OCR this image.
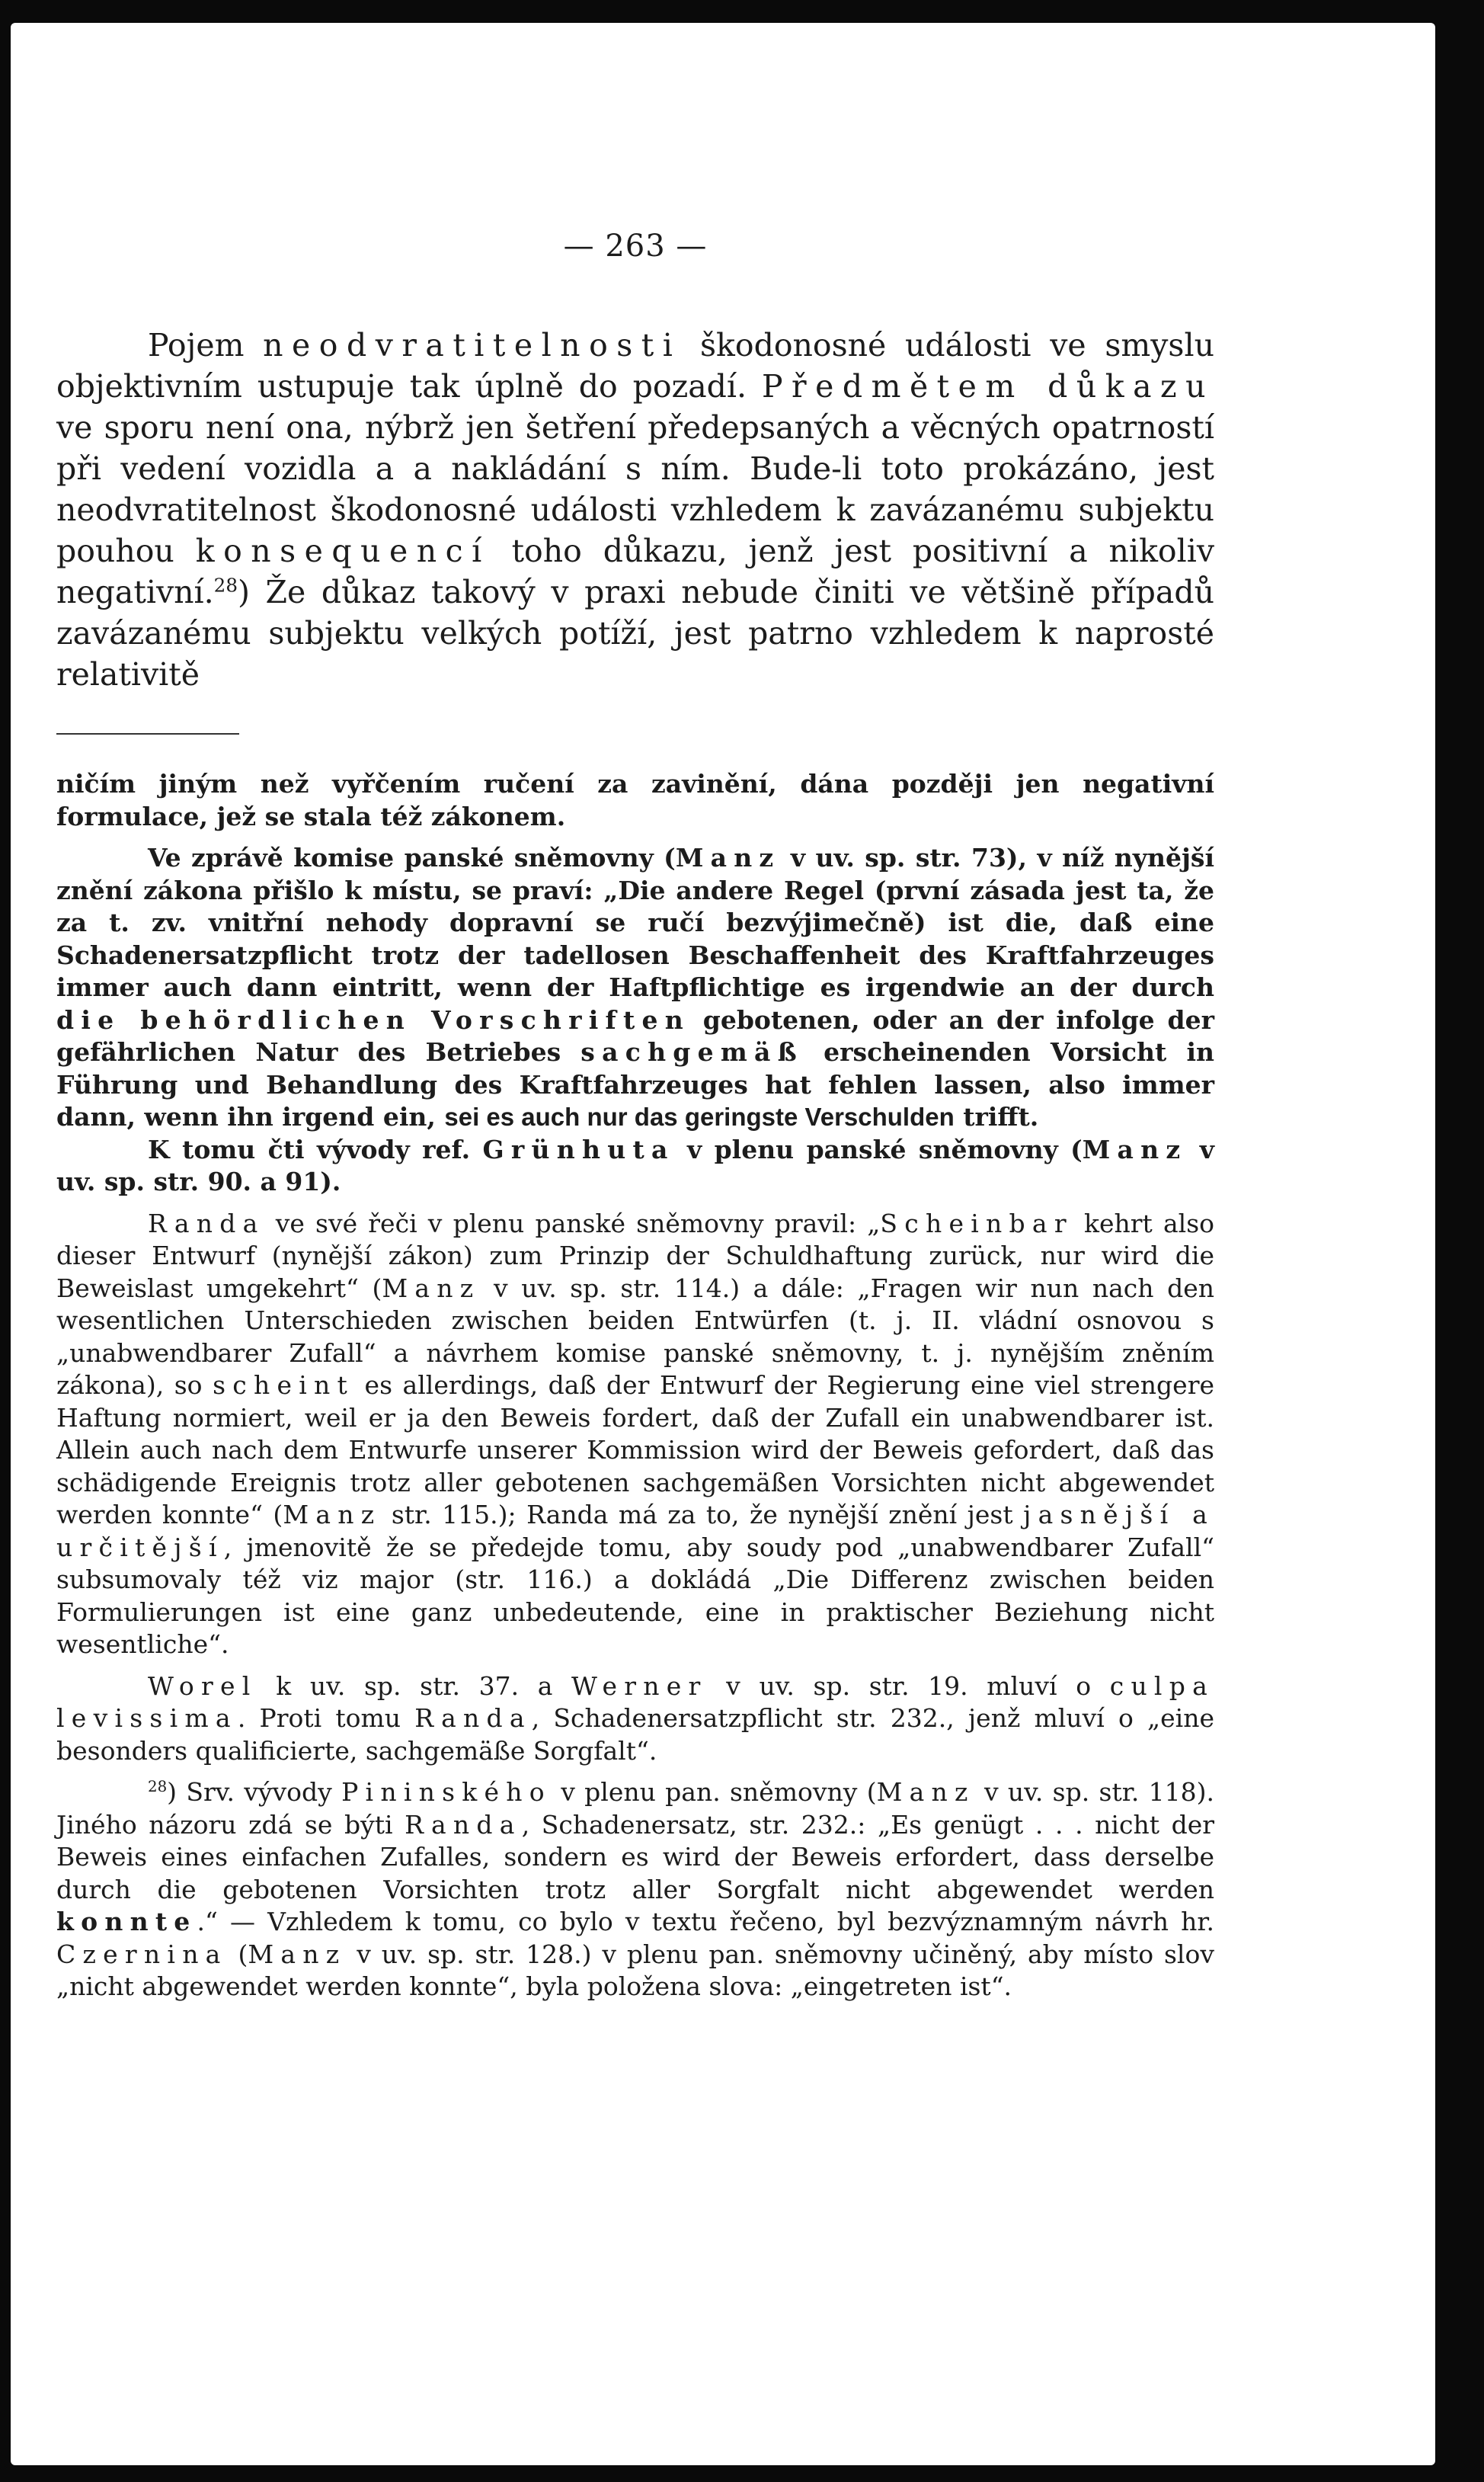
— 263 —

Pojem neodvratitelnosti škodonosné události ve smyslu objektivním ustupuje tak úplně do pozadí. Předmětem důkazu ve sporu není ona, nýbrž jen šetření předepsaných a věcných opatrností při vedení vozidla a a nakládání s ním. Bude-li toto prokázáno, jest neodvratitelnost škodonosné události vzhledem k zavázanému subjektu pouhou konsequencí toho důkazu, jenž jest positivní a nikoliv negativní.$^{28}$) Že důkaz takový v praxi nebude činiti ve většině případů zavázanému subjektu velkých potíží, jest patrno vzhledem k naprosté relativitě

ničím jiným než vyřčením ručení za zavinění, dána později jen negativní formulace, jež se stala též zákonem.

Ve zprávě komise panské sněmovny (Manz v uv. sp. str. 73), v níž nynější znění zákona přišlo k místu, se praví: „Die andere Regel (první zásada jest ta, že za t. zv. vnitřní nehody dopravní se ručí bezvýjimečně) ist die, daß eine Schadenersatzpflicht trotz der tadellosen Beschaffenheit des Kraftfahrzeuges immer auch dann eintritt, wenn der Haftpflichtige es irgendwie an der durch die behördlichen Vorschriften gebotenen, oder an der infolge der gefährlichen Natur des Betriebes sachgemäß erscheinenden Vorsicht in Führung und Behandlung des Kraftfahrzeuges hat fehlen lassen, also immer dann, wenn ihn irgend ein, sei es auch nur das geringste Verschulden trifft.

K tomu čti vývody ref. Grünhuta v plenu panské sněmovny (Manz v uv. sp. str. 90. a 91).

Randa ve své řeči v plenu panské sněmovny pravil: „Scheinbar kehrt also dieser Entwurf (nynější zákon) zum Prinzip der Schuldhaftung zurück, nur wird die Beweislast umgekehrt“ (Manz v uv. sp. str. 114.) a dále: „Fragen wir nun nach den wesentlichen Unterschieden zwischen beiden Entwürfen (t. j. II. vládní osnovou s „unabwendbarer Zufall“ a návrhem komise panské sněmovny, t. j. nynějším zněním zákona), so scheint es allerdings, daß der Entwurf der Regierung eine viel strengere Haftung normiert, weil er ja den Beweis fordert, daß der Zufall ein unabwendbarer ist. Allein auch nach dem Entwurfe unserer Kommission wird der Beweis gefordert, daß das schädigende Ereignis trotz aller gebotenen sachgemäßen Vorsichten nicht abgewendet werden konnte“ (Manz str. 115.); Randa má za to, že nynější znění jest jasnější a určitější, jmenovitě že se předejde tomu, aby soudy pod „unabwendbarer Zufall“ subsumovaly též viz major (str. 116.) a dokládá „Die Differenz zwischen beiden Formulierungen ist eine ganz unbedeutende, eine in praktischer Beziehung nicht wesentliche“.

Worel k uv. sp. str. 37. a Werner v uv. sp. str. 19. mluví o culpa levissima. Proti tomu Randa, Schadenersatzpflicht str. 232., jenž mluví o „eine besonders qualificierte, sachgemäße Sorgfalt“.

$^{28}$) Srv. vývody Pininského v plenu pan. sněmovny (Manz v uv. sp. str. 118). Jiného názoru zdá se býti Randa, Schadenersatz, str. 232.: „Es genügt . . . nicht der Beweis eines einfachen Zufalles, sondern es wird der Beweis erfordert, dass derselbe durch die gebotenen Vorsichten trotz aller Sorgfalt nicht abgewendet werden konnte.“ — Vzhledem k tomu, co bylo v textu řečeno, byl bezvýznamným návrh hr. Czernina (Manz v uv. sp. str. 128.) v plenu pan. sněmovny učiněný, aby místo slov „nicht abgewendet werden konnte“, byla položena slova: „eingetreten ist“.
